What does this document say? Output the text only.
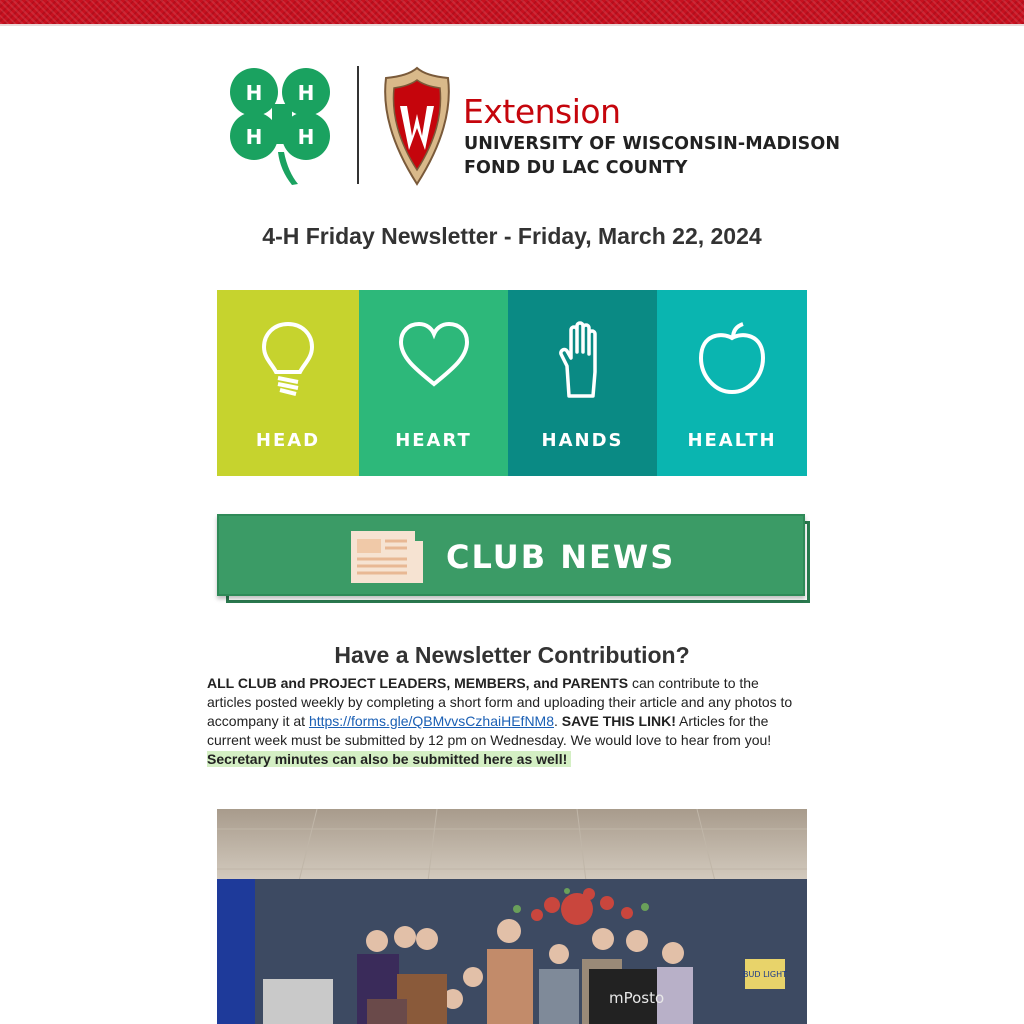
H H
H H
Extension
UNIVERSITY OF WISCONSIN-MADISON
FOND DU LAC COUNTY
4-H Friday Newsletter - Friday, March 22, 2024
HEAD	HEART	HANDS	HEALTH
CLUB NEWS
Have a Newsletter Contribution?
ALL CLUB and PROJECT LEADERS, MEMBERS, and PARENTS can contribute to the articles posted weekly by completing a short form and uploading their article and any photos to accompany it at https://forms.gle/QBMvvsCzhaiHEfNM8. SAVE THIS LINK! Articles for the current week must be submitted by 12 pm on Wednesday. We would love to hear from you!
Secretary minutes can also be submitted here as well!
BUD LIGHT
mPosto
